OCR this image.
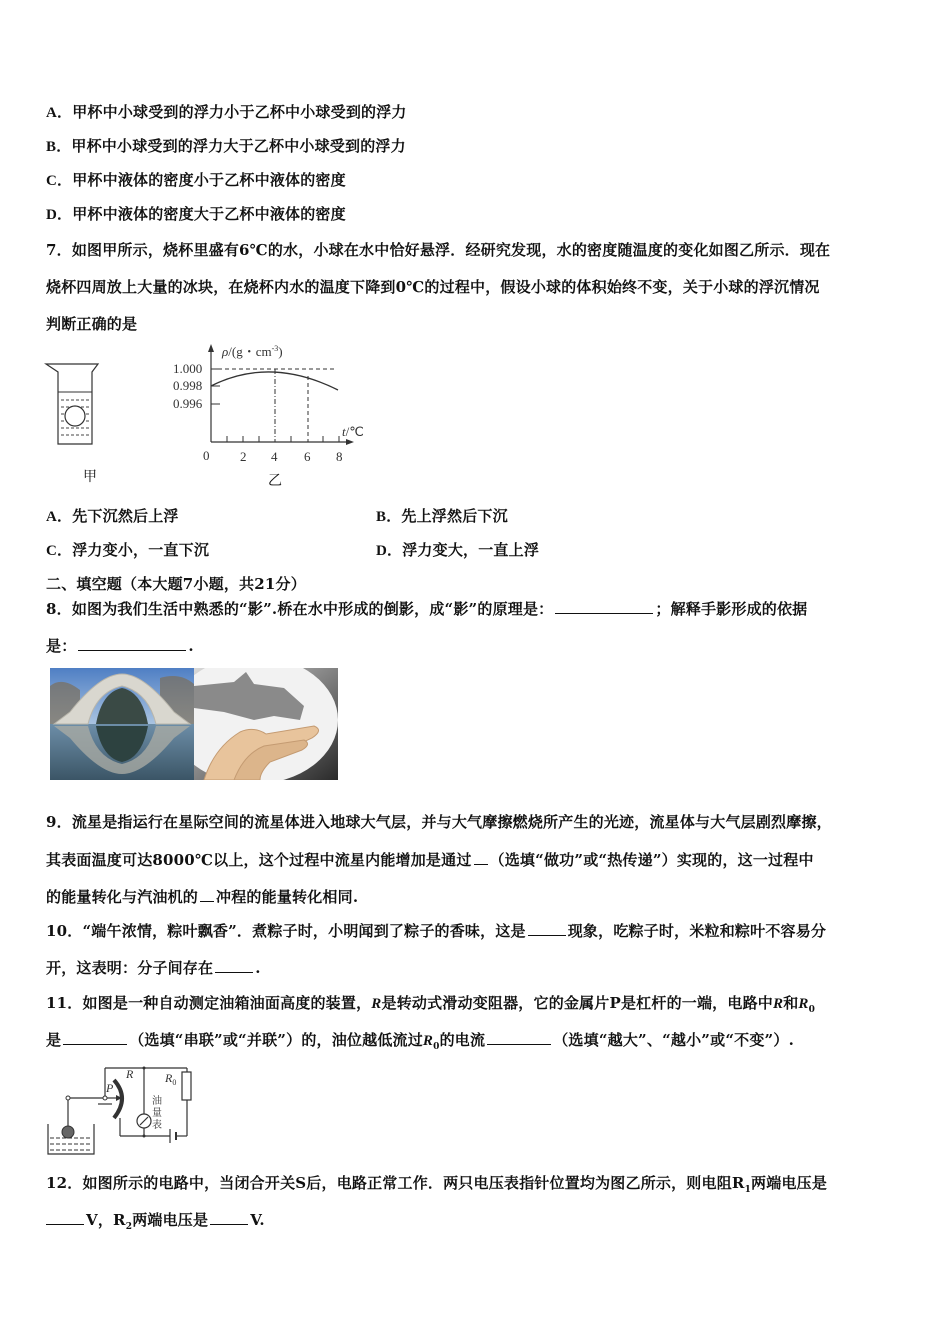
A．甲杯中小球受到的浮力小于乙杯中小球受到的浮力
B．甲杯中小球受到的浮力大于乙杯中小球受到的浮力
C．甲杯中液体的密度小于乙杯中液体的密度
D．甲杯中液体的密度大于乙杯中液体的密度
7．如图甲所示，烧杯里盛有6℃的水，小球在水中恰好悬浮．经研究发现，水的密度随温度的变化如图乙所示．现在
烧杯四周放上大量的冰块，在烧杯内水的温度下降到0℃的过程中，假设小球的体积始终不变，关于小球的浮沉情况
判断正确的是
甲
ρ/(g・$cm^{-3}$)
1.000
0.998
0.996
t/℃
0 2 4 6 8
乙
A．先下沉然后上浮	B．先上浮然后下沉
C．浮力变小，一直下沉	D．浮力变大，一直上浮
二、填空题（本大题7小题，共21分）
8．如图为我们生活中熟悉的“影”.桥在水中形成的倒影，成“影”的原理是：	；解释手影形成的依据
是：	.
9．流星是指运行在星际空间的流星体进入地球大气层，并与大气摩擦燃烧所产生的光迹，流星体与大气层剧烈摩擦，
其表面温度可达8000℃以上，这个过程中流星内能增加是通过 （选填“做功”或“热传递”）实现的，这一过程中
的能量转化与汽油机的 冲程的能量转化相同.
10．“端午浓情，粽叶飘香”．煮粽子时，小明闻到了粽子的香味，这是	现象，吃粽子时，米粒和粽叶不容易分
开，这表明：分子间存在	.
11．如图是一种自动测定油箱油面高度的装置，R是转动式滑动变阻器，它的金属片P是杠杆的一端，电路中R和$R_0$
是	（选填“串联”或“并联”）的，油位越低流过$R_0$的电流	（选填“越大”、“越小”或“不变”）.
R
P
$R_0$
油
量
表
12．如图所示的电路中，当闭合开关S后，电路正常工作．两只电压表指针位置均为图乙所示，则电阻$R_1$两端电压是
V，$R_2$两端电压是	V.
